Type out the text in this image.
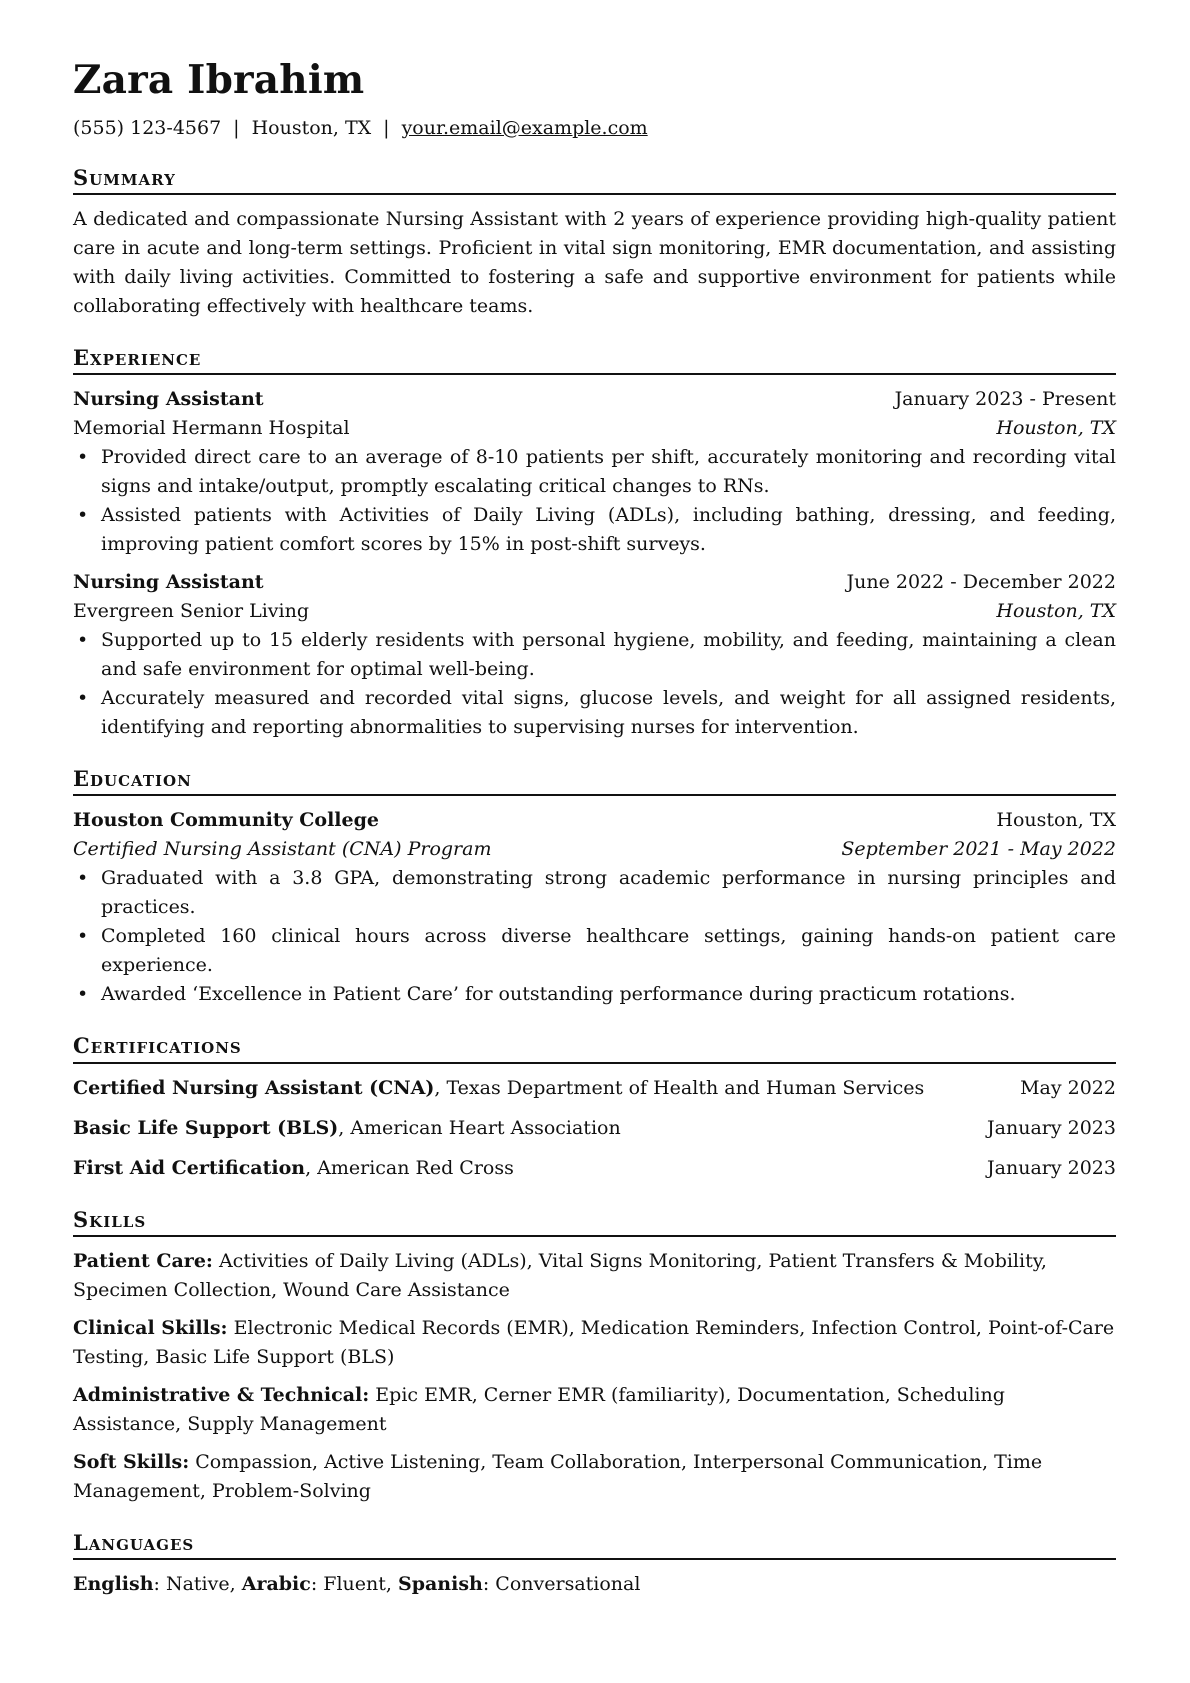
Zara Ibrahim
(555) 123-4567 | Houston, TX | your.email@example.com
Summary
A dedicated and compassionate Nursing Assistant with 2 years of experience providing high-quality patient care in acute and long-term settings. Proficient in vital sign monitoring, EMR documentation, and assisting with daily living activities. Committed to fostering a safe and supportive environment for patients while collaborating effectively with healthcare teams.
Experience
Nursing Assistant	January 2023 - Present
Memorial Hermann Hospital	Houston, TX
• Provided direct care to an average of 8-10 patients per shift, accurately monitoring and recording vital signs and intake/output, promptly escalating critical changes to RNs.
• Assisted patients with Activities of Daily Living (ADLs), including bathing, dressing, and feeding, improving patient comfort scores by 15% in post-shift surveys.
Nursing Assistant	June 2022 - December 2022
Evergreen Senior Living	Houston, TX
• Supported up to 15 elderly residents with personal hygiene, mobility, and feeding, maintaining a clean and safe environment for optimal well-being.
• Accurately measured and recorded vital signs, glucose levels, and weight for all assigned residents, identifying and reporting abnormalities to supervising nurses for intervention.
Education
Houston Community College	Houston, TX
Certified Nursing Assistant (CNA) Program	September 2021 - May 2022
• Graduated with a 3.8 GPA, demonstrating strong academic performance in nursing principles and practices.
• Completed 160 clinical hours across diverse healthcare settings, gaining hands-on patient care experience.
• Awarded ‘Excellence in Patient Care’ for outstanding performance during practicum rotations.
Certifications
Certified Nursing Assistant (CNA), Texas Department of Health and Human Services	May 2022
Basic Life Support (BLS), American Heart Association	January 2023
First Aid Certification, American Red Cross	January 2023
Skills
Patient Care: Activities of Daily Living (ADLs), Vital Signs Monitoring, Patient Transfers & Mobility, Specimen Collection, Wound Care Assistance
Clinical Skills: Electronic Medical Records (EMR), Medication Reminders, Infection Control, Point-of-Care Testing, Basic Life Support (BLS)
Administrative & Technical: Epic EMR, Cerner EMR (familiarity), Documentation, Scheduling Assistance, Supply Management
Soft Skills: Compassion, Active Listening, Team Collaboration, Interpersonal Communication, Time Management, Problem-Solving
Languages
English: Native, Arabic: Fluent, Spanish: Conversational
